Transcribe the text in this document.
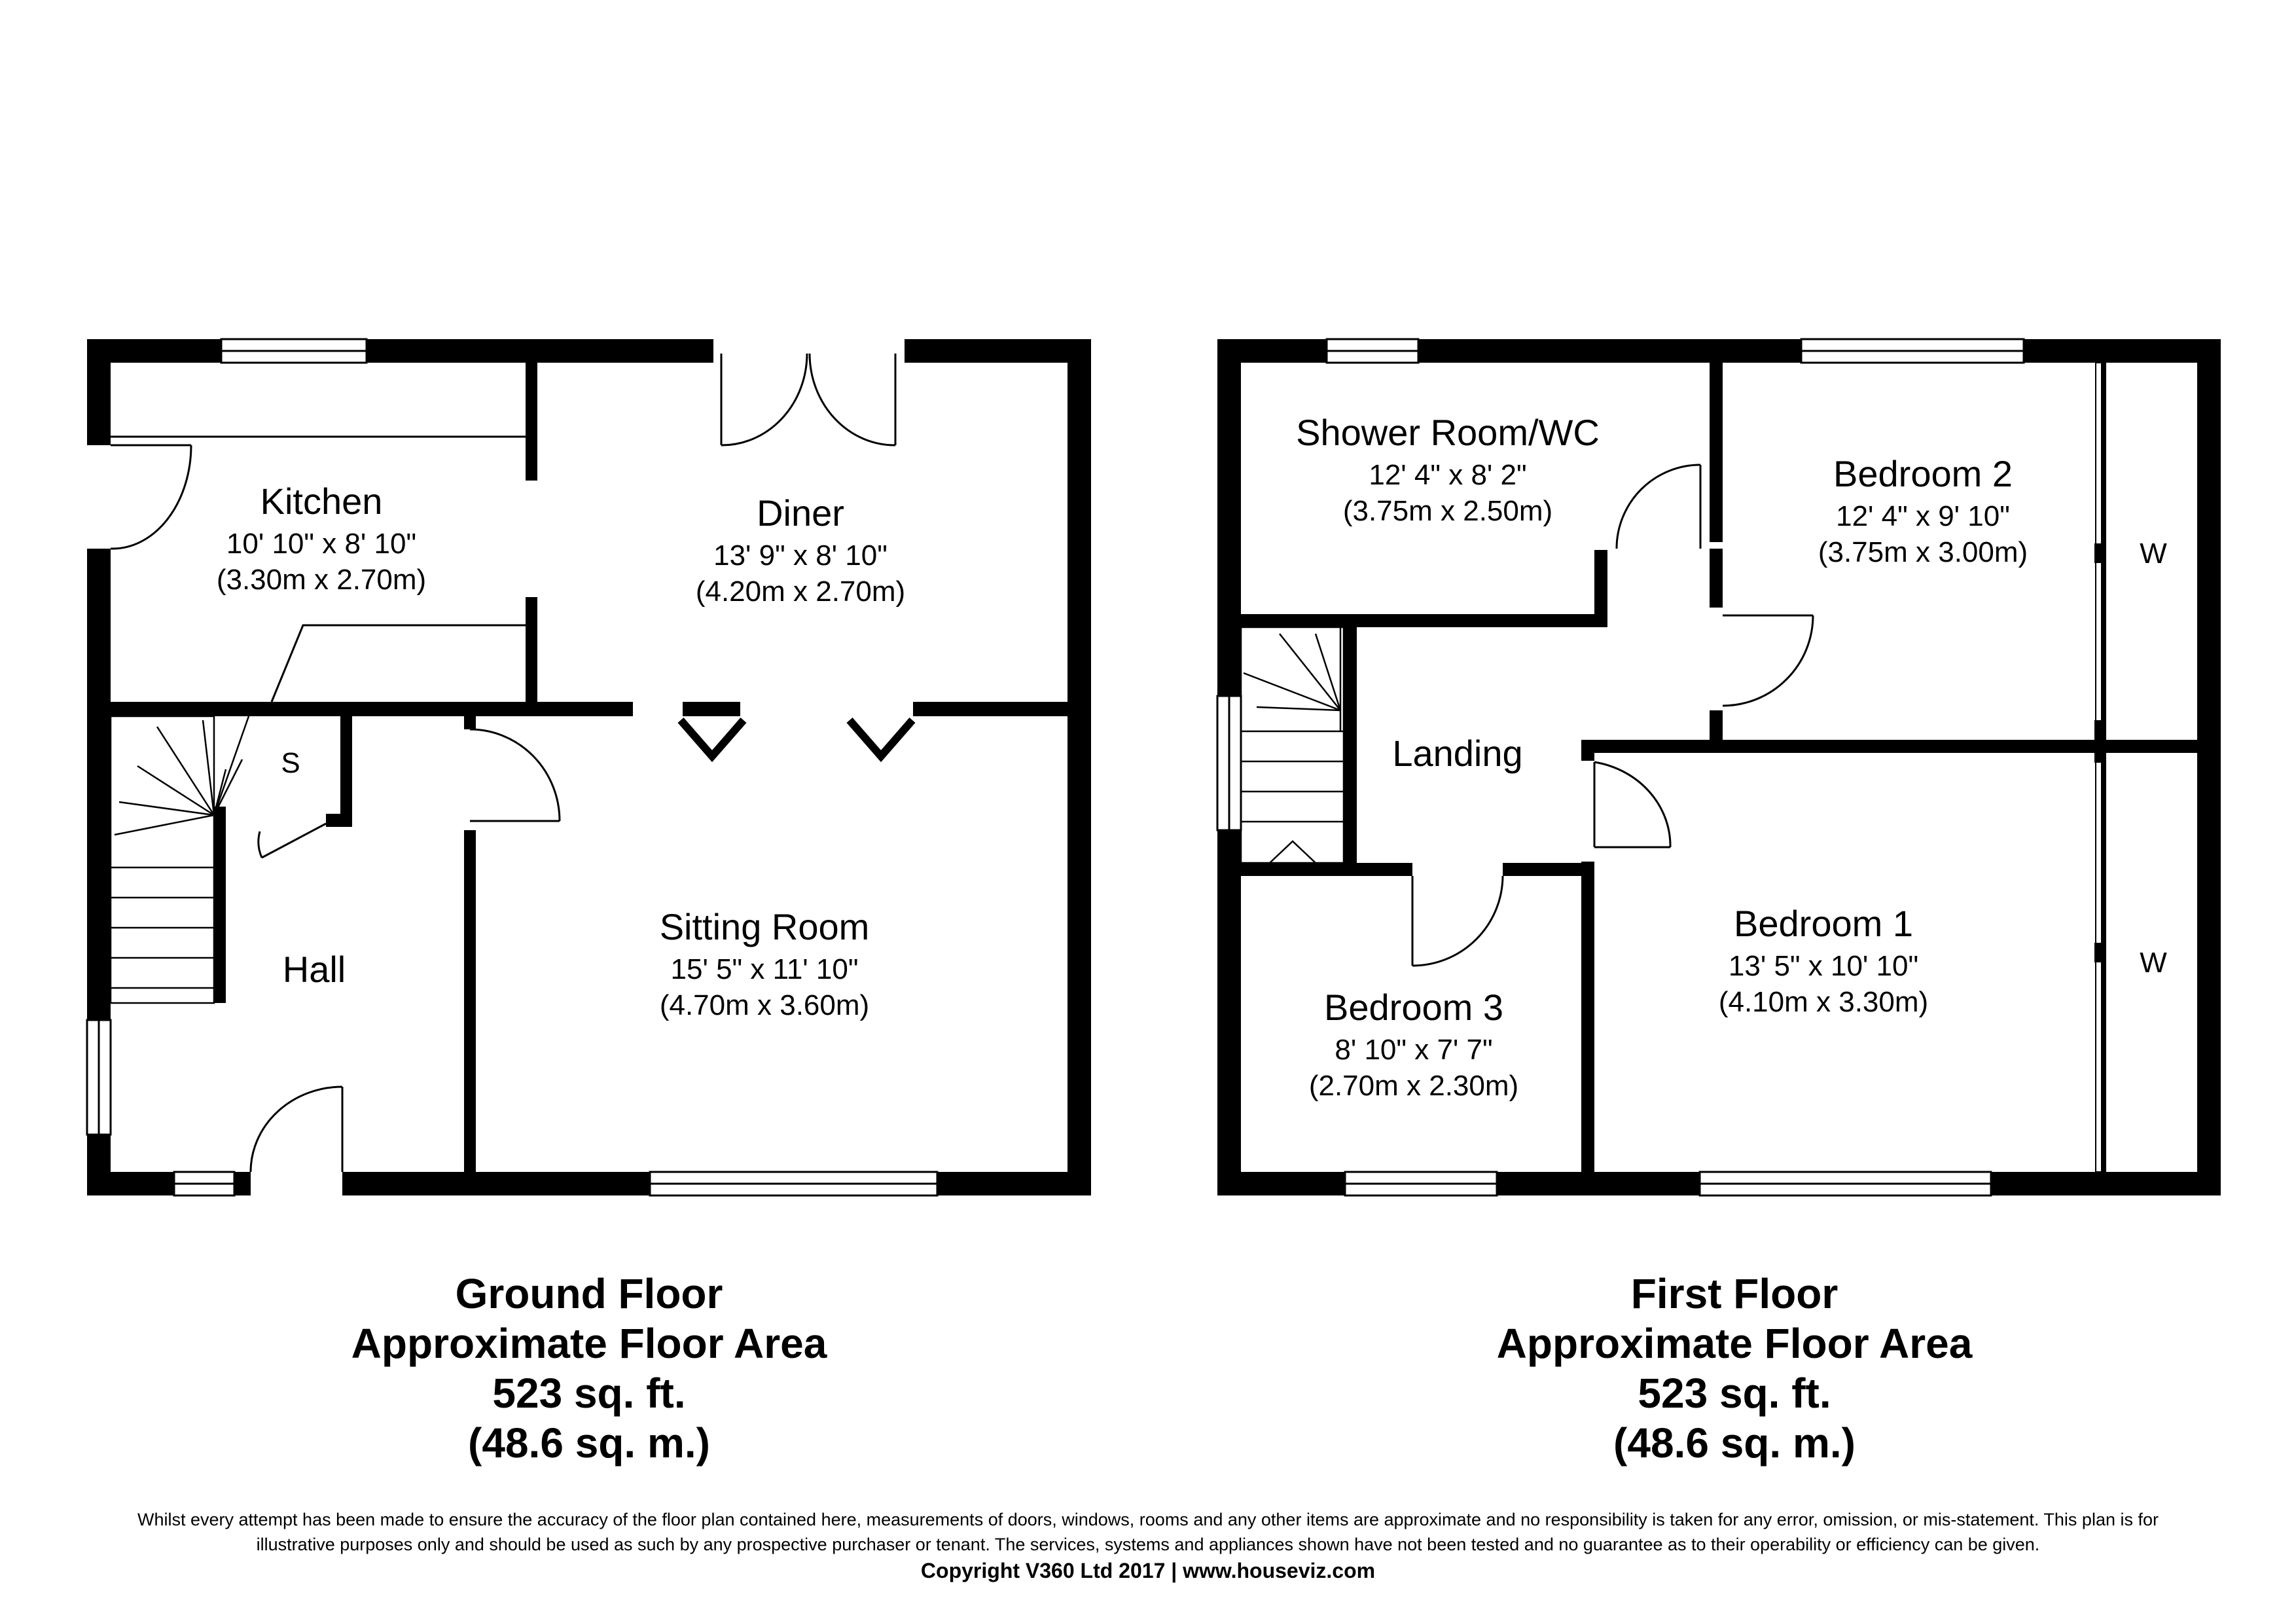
Kitchen
10' 10" x 8' 10"
(3.30m x 2.70m)
Diner
13' 9" x 8' 10"
(4.20m x 2.70m)
Sitting Room
15' 5" x 11' 10"
(4.70m x 3.60m)
Hall
S
Shower Room/WC
12' 4" x 8' 2"
(3.75m x 2.50m)
Bedroom 2
12' 4" x 9' 10"
(3.75m x 3.00m)
Landing
Bedroom 1
13' 5" x 10' 10"
(4.10m x 3.30m)
Bedroom 3
8' 10" x 7' 7"
(2.70m x 2.30m)
W
W
Ground Floor
Approximate Floor Area
523 sq. ft.
(48.6 sq. m.)
First Floor
Approximate Floor Area
523 sq. ft.
(48.6 sq. m.)
Whilst every attempt has been made to ensure the accuracy of the floor plan contained here, measurements of doors, windows, rooms and any other items are approximate and no responsibility is taken for any error, omission, or mis-statement. This plan is for
illustrative purposes only and should be used as such by any prospective purchaser or tenant. The services, systems and appliances shown have not been tested and no guarantee as to their operability or efficiency can be given.
Copyright V360 Ltd 2017 | www.houseviz.com
